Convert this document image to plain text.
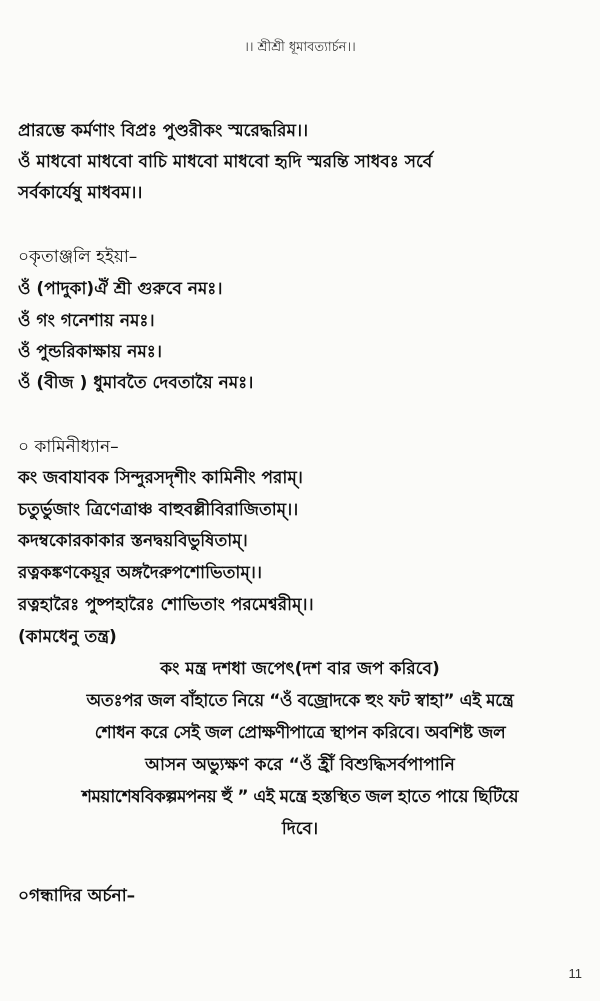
।। শ্রীশ্রী ধূমাবত্যার্চন।।
প্রারম্ভে কর্মণাং বিপ্রঃ পুণ্ডরীকং স্মরেদ্ধরিম।।
ওঁ মাধবো মাধবো বাচি মাধবো মাধবো হৃদি স্মরন্তি সাধবঃ সর্বে
সর্বকার্যেষু মাধবম।।
০কৃতাঞ্জলি হইয়া–
ওঁ (পাদুকা)ঐঁ শ্রী গুরুবে নমঃ।
ওঁ গং গনেশায় নমঃ।
ওঁ পুন্ডরিকাক্ষায় নমঃ।
ওঁ (বীজ ) ধুমাবতৈ দেবতায়ৈ নমঃ।
০ কামিনীধ্যান–
কং জবাযাবক সিন্দুরসদৃশীং কামিনীং পরাম্।
চতুর্ভুজাং ত্রিণেত্রাঞ্চ বাহুবল্লীবিরাজিতাম্।।
কদম্বকোরকাকার স্তনদ্বয়বিভুষিতাম্।
রত্নকঙ্কণকেয়ূর অঙ্গদৈরুপশোভিতাম্।।
রত্নহারৈঃ পুষ্পহারৈঃ শোভিতাং পরমেশ্বরীম্।।
(কামধেনু তন্ত্র)
কং মন্ত্র দশধা জপেৎ(দশ বার জপ করিবে)
অতঃপর জল বাঁহাতে নিয়ে “ওঁ বজ্রোদকে হুং ফট স্বাহা” এই মন্ত্রে
শোধন করে সেই জল প্রোক্ষণীপাত্রে স্থাপন করিবে। অবশিষ্ট জল
আসন অভ্যুক্ষণ করে “ওঁ হ্রীঁ বিশুদ্ধিসর্বপাপানি
শময়াশেষবিকল্পমপনয় হুঁ ” এই মন্ত্রে হস্তস্থিত জল হাতে পায়ে ছিটিয়ে
দিবে।
০গন্ধাদির অর্চনা–
11
